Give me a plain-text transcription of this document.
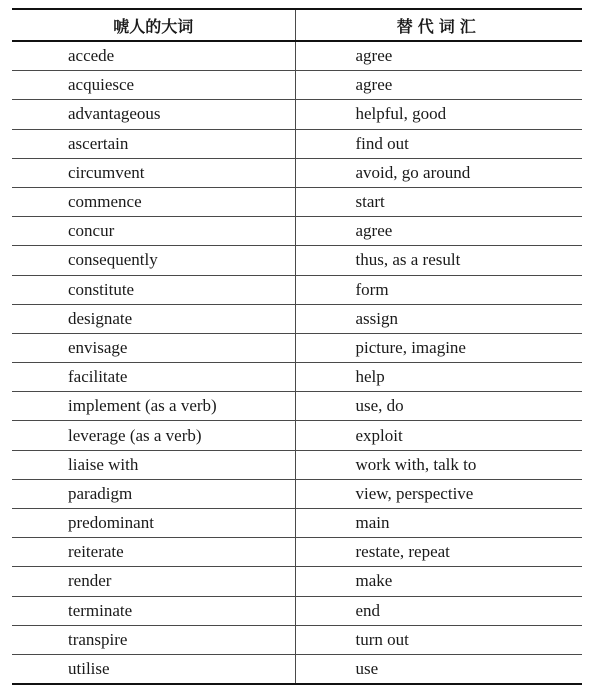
唬人的大词	替代词汇
accede	agree
acquiesce	agree
advantageous	helpful, good
ascertain	find out
circumvent	avoid, go around
commence	start
concur	agree
consequently	thus, as a result
constitute	form
designate	assign
envisage	picture, imagine
facilitate	help
implement (as a verb)	use, do
leverage (as a verb)	exploit
liaise with	work with, talk to
paradigm	view, perspective
predominant	main
reiterate	restate, repeat
render	make
terminate	end
transpire	turn out
utilise	use
